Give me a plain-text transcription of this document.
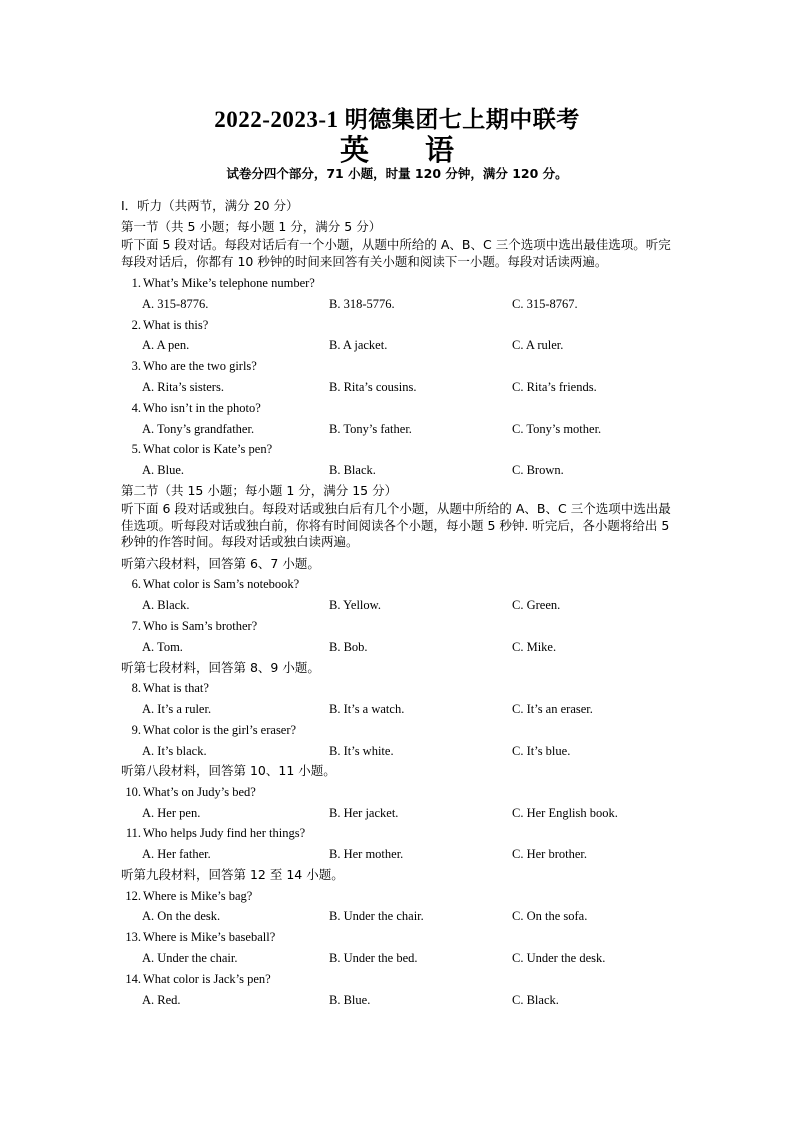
2022-2023-1 明德集团七上期中联考
英 语
试卷分四个部分，71 小题，时量 120 分钟，满分 120 分。
I．听力（共两节，满分 20 分）
第一节（共 5 小题；每小题 1 分，满分 5 分）
听下面 5 段对话。每段对话后有一个小题，从题中所给的 A、B、C 三个选项中选出最佳选项。听完每段对话后，你都有 10 秒钟的时间来回答有关小题和阅读下一小题。每段对话读两遍。
1. What’s Mike’s telephone number?
A. 315-8776.	B. 318-5776.	C. 315-8767.
2. What is this?
A. A pen.	B. A jacket.	C. A ruler.
3. Who are the two girls?
A. Rita’s sisters.	B. Rita’s cousins.	C. Rita’s friends.
4. Who isn’t in the photo?
A. Tony’s grandfather.	B. Tony’s father.	C. Tony’s mother.
5. What color is Kate’s pen?
A. Blue.	B. Black.	C. Brown.
第二节（共 15 小题；每小题 1 分，满分 15 分）
听下面 6 段对话或独白。每段对话或独白后有几个小题，从题中所给的 A、B、C 三个选项中选出最佳选项。听每段对话或独白前，你将有时间阅读各个小题，每小题 5 秒钟. 听完后，各小题将给出 5 秒钟的作答时间。每段对话或独白读两遍。
听第六段材料，回答第 6、7 小题。
6. What color is Sam’s notebook?
A. Black.	B. Yellow.	C. Green.
7. Who is Sam’s brother?
A. Tom.	B. Bob.	C. Mike.
听第七段材料，回答第 8、9 小题。
8. What is that?
A. It’s a ruler.	B. It’s a watch.	C. It’s an eraser.
9. What color is the girl’s eraser?
A. It’s black.	B. It’s white.	C. It’s blue.
听第八段材料，回答第 10、11 小题。
10. What’s on Judy’s bed?
A. Her pen.	B. Her jacket.	C. Her English book.
11. Who helps Judy find her things?
A. Her father.	B. Her mother.	C. Her brother.
听第九段材料，回答第 12 至 14 小题。
12. Where is Mike’s bag?
A. On the desk.	B. Under the chair.	C. On the sofa.
13. Where is Mike’s baseball?
A. Under the chair.	B. Under the bed.	C. Under the desk.
14. What color is Jack’s pen?
A. Red.	B. Blue.	C. Black.
